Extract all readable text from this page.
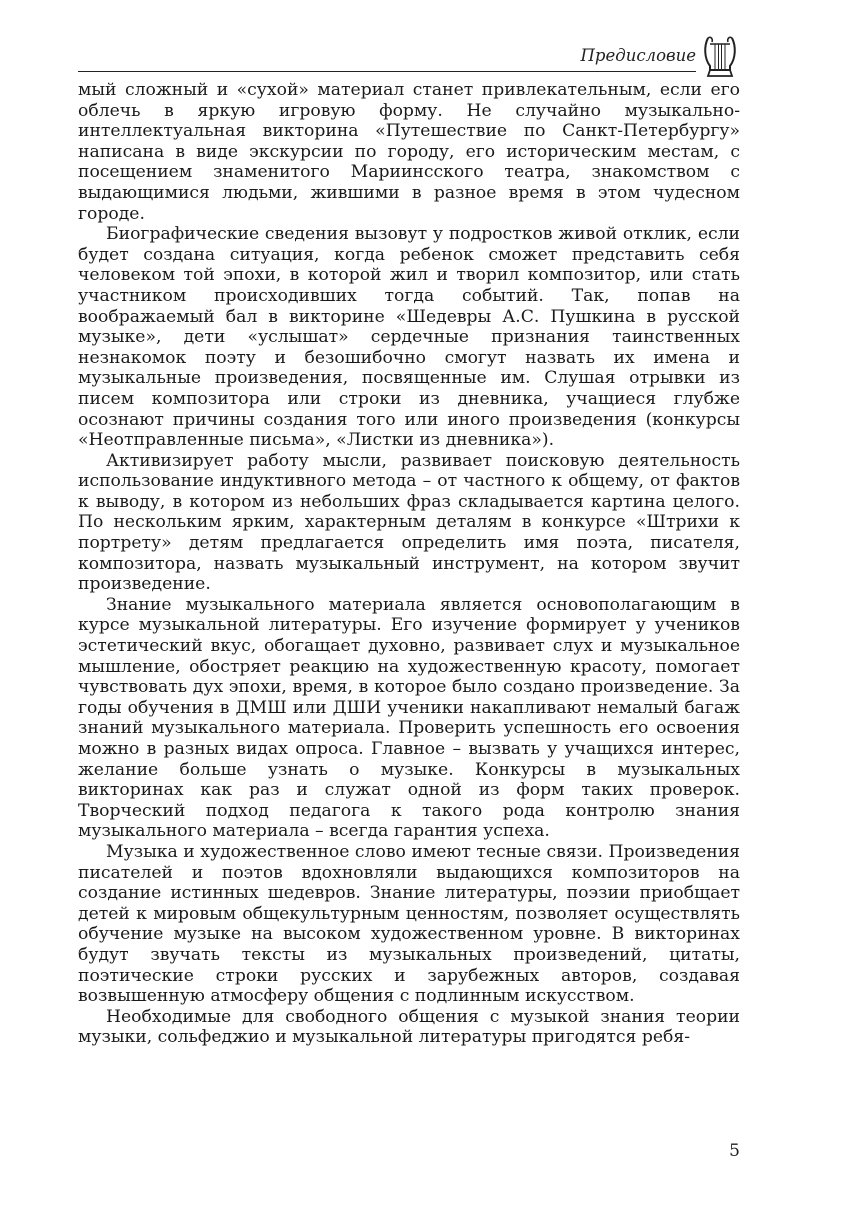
Предисловие

мый сложный и «сухой» материал станет привлекательным, если его облечь в яркую игровую форму. Не случайно музыкально-интеллектуальная викторина «Путешествие по Санкт-Петербургу» написана в виде экскурсии по городу, его историческим местам, с посещением знаменитого Мариинсского театра, знакомством с выдающимися людьми, жившими в разное время в этом чудесном городе.

Биографические сведения вызовут у подростков живой отклик, если будет создана ситуация, когда ребенок сможет представить себя человеком той эпохи, в которой жил и творил композитор, или стать участником происходивших тогда событий. Так, попав на воображаемый бал в викторине «Шедевры А.С. Пушкина в русской музыке», дети «услышат» сердечные признания таинственных незнакомок поэту и безошибочно смогут назвать их имена и музыкальные произведения, посвященные им. Слушая отрывки из писем композитора или строки из дневника, учащиеся глубже осознают причины создания того или иного произведения (конкурсы «Неотправленные письма», «Листки из дневника»).

Активизирует работу мысли, развивает поисковую деятельность использование индуктивного метода – от частного к общему, от фактов к выводу, в котором из небольших фраз складывается картина целого. По нескольким ярким, характерным деталям в конкурсе «Штрихи к портрету» детям предлагается определить имя поэта, писателя, композитора, назвать музыкальный инструмент, на котором звучит произведение.

Знание музыкального материала является основополагающим в курсе музыкальной литературы. Его изучение формирует у учеников эстетический вкус, обогащает духовно, развивает слух и музыкальное мышление, обостряет реакцию на художественную красоту, помогает чувствовать дух эпохи, время, в которое было создано произведение. За годы обучения в ДМШ или ДШИ ученики накапливают немалый багаж знаний музыкального материала. Проверить успешность его освоения можно в разных видах опроса. Главное – вызвать у учащихся интерес, желание больше узнать о музыке. Конкурсы в музыкальных викторинах как раз и служат одной из форм таких проверок. Творческий подход педагога к такого рода контролю знания музыкального материала – всегда гарантия успеха.

Музыка и художественное слово имеют тесные связи. Произведения писателей и поэтов вдохновляли выдающихся композиторов на создание истинных шедевров. Знание литературы, поэзии приобщает детей к мировым общекультурным ценностям, позволяет осуществлять обучение музыке на высоком художественном уровне. В викторинах будут звучать тексты из музыкальных произведений, цитаты, поэтические строки русских и зарубежных авторов, создавая возвышенную атмосферу общения с подлинным искусством.

Необходимые для свободного общения с музыкой знания теории музыки, сольфеджио и музыкальной литературы пригодятся ребя-

5
